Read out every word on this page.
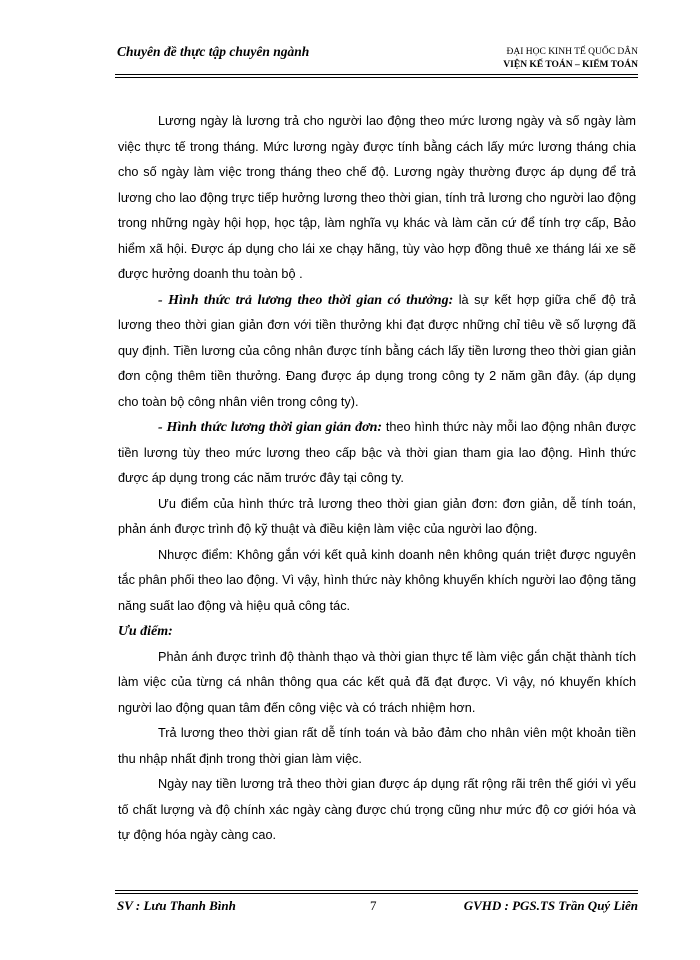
Chuyên đề thực tập chuyên ngành	ĐẠI HỌC KINH TẾ QUỐC DÂN
VIỆN KẾ TOÁN – KIỂM TOÁN

Lương ngày là lương trả cho người lao động theo mức lương ngày và số ngày làm việc thực tế trong tháng. Mức lương ngày được tính bằng cách lấy mức lương tháng chia cho số ngày làm việc trong tháng theo chế độ. Lương ngày thường được áp dụng để trả lương cho lao động trực tiếp hưởng lương theo thời gian, tính trả lương cho người lao động trong những ngày hội họp, học tập, làm nghĩa vụ khác và làm căn cứ để tính trợ cấp, Bảo hiểm xã hội. Được áp dụng cho lái xe chạy hãng, tùy vào hợp đồng thuê xe tháng lái xe sẽ được hưởng doanh thu toàn bộ .

- Hình thức trả lương theo thời gian có thưởng: là sự kết hợp giữa chế độ trả lương theo thời gian giản đơn với tiền thưởng khi đạt được những chỉ tiêu về số lượng đã quy định. Tiền lương của công nhân được tính bằng cách lấy tiền lương theo thời gian giản đơn cộng thêm tiền thưởng. Đang được áp dụng trong công ty 2 năm gần đây. (áp dụng cho toàn bộ công nhân viên trong công ty).

- Hình thức lương thời gian giản đơn: theo hình thức này mỗi lao động nhân được tiền lương tùy theo mức lương theo cấp bậc và thời gian tham gia lao động. Hình thức được áp dụng trong các năm trước đây tại công ty.

Ưu điểm của hình thức trả lương theo thời gian giản đơn: đơn giản, dễ tính toán, phản ánh được trình độ kỹ thuật và điều kiện làm việc của người lao động.

Nhược điểm: Không gắn với kết quả kinh doanh nên không quán triệt được nguyên tắc phân phối theo lao động. Vì vậy, hình thức này không khuyến khích người lao động tăng năng suất lao động và hiệu quả công tác.

Ưu điểm:

Phản ánh được trình độ thành thạo và thời gian thực tế làm việc gắn chặt thành tích làm việc của từng cá nhân thông qua các kết quả đã đạt được. Vì vậy, nó khuyến khích người lao động quan tâm đến công việc và có trách nhiệm hơn.

Trả lương theo thời gian rất dễ tính toán và bảo đảm cho nhân viên một khoản tiền thu nhập nhất định trong thời gian làm việc.

Ngày nay tiền lương trả theo thời gian được áp dụng rất rộng rãi trên thế giới vì yếu tố chất lượng và độ chính xác ngày càng được chú trọng cũng như mức độ cơ giới hóa và tự động hóa ngày càng cao.

SV : Lưu Thanh Bình	7	GVHD : PGS.TS Trần Quý Liên
